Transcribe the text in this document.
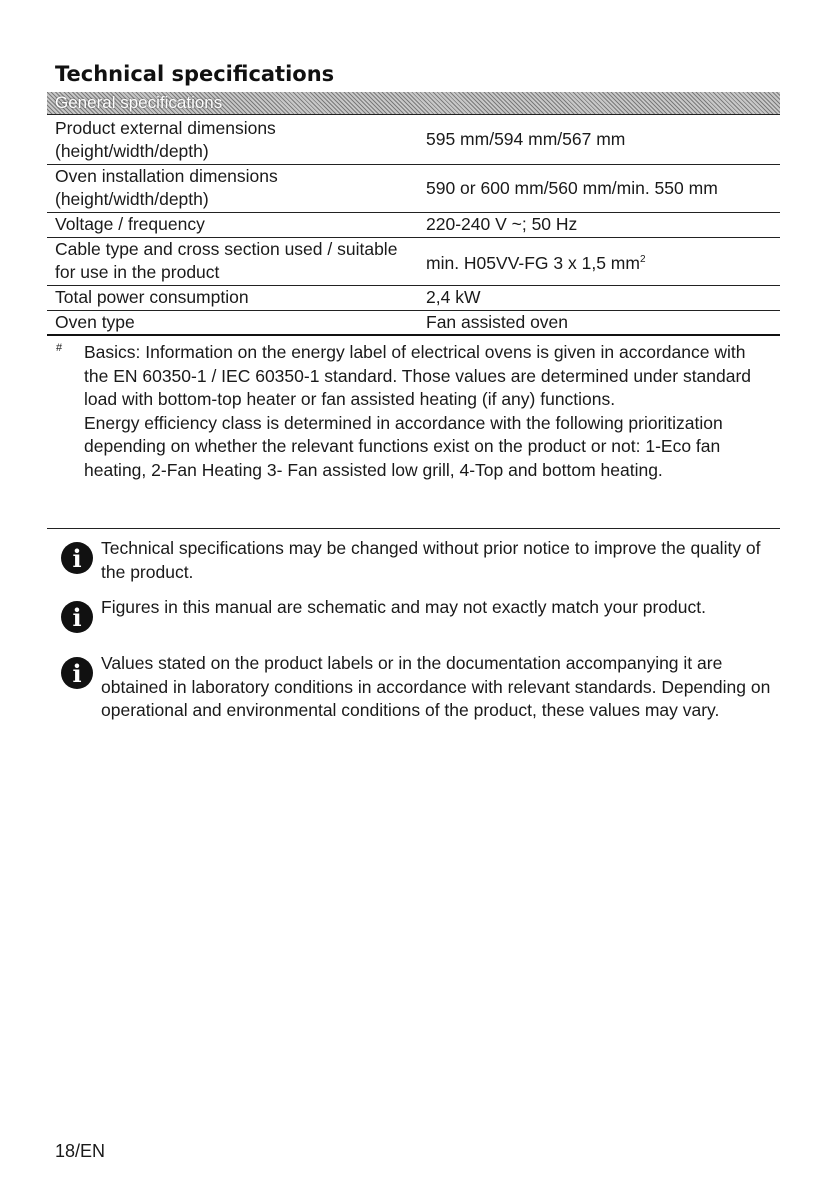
Technical specifications
General specifications
Product external dimensions (height/width/depth)	595 mm/594 mm/567 mm
Oven installation dimensions (height/width/depth)	590 or 600 mm/560 mm/min. 550 mm
Voltage / frequency	220-240 V ~; 50 Hz
Cable type and cross section used / suitable for use in the product	min. H05VV-FG 3 x 1,5 $mm^2$
Total power consumption	2,4 kW
Oven type	Fan assisted oven
# Basics: Information on the energy label of electrical ovens is given in accordance with the EN 60350-1 / IEC 60350-1 standard. Those values are determined under standard load with bottom-top heater or fan assisted heating (if any) functions.

Energy efficiency class is determined in accordance with the following prioritization depending on whether the relevant functions exist on the product or not: 1-Eco fan heating, 2-Fan Heating 3- Fan assisted low grill, 4-Top and bottom heating.

i Technical specifications may be changed without prior notice to improve the quality of the product.
i Figures in this manual are schematic and may not exactly match your product.
i Values stated on the product labels or in the documentation accompanying it are obtained in laboratory conditions in accordance with relevant standards. Depending on operational and environmental conditions of the product, these values may vary.
18/EN
